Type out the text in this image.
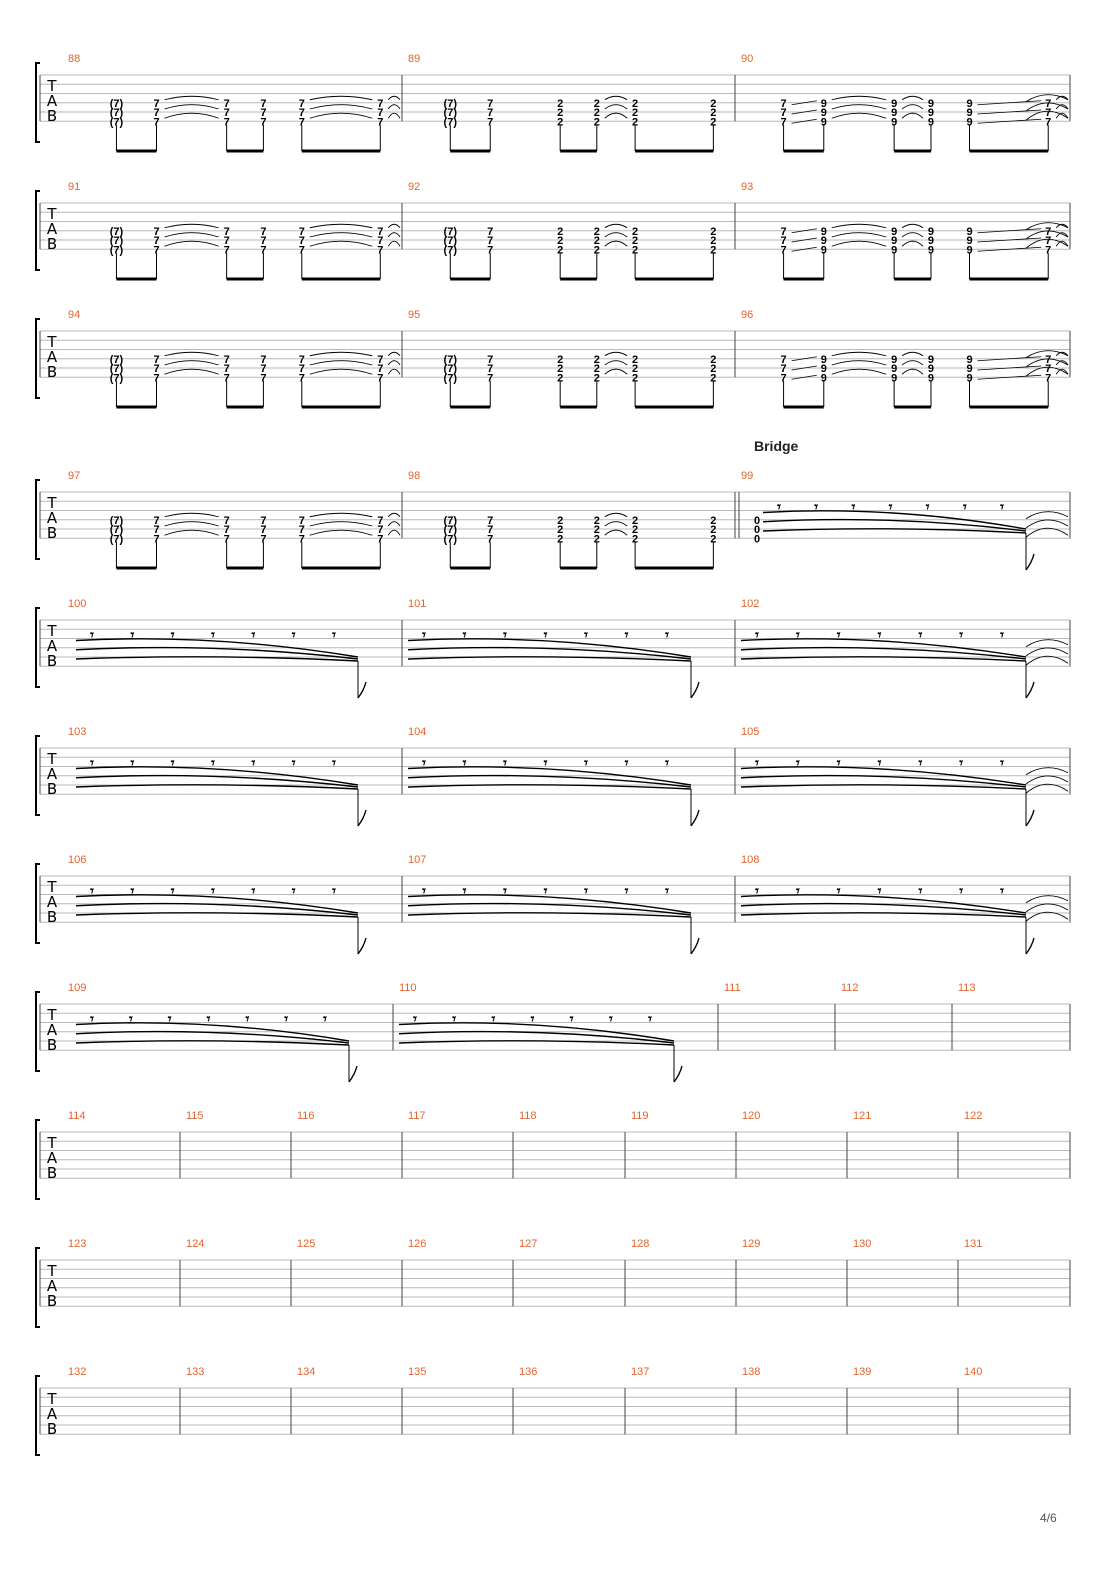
T
A
B
88
(7)
(7)
(7)
7
7
7
7
7
7
7
7
7
7
7
7
7
7
7
89
(7)
(7)
(7)
7
7
7
2
2
2
2
2
2
2
2
2
2
2
2
90
7
7
7
9
9
9
9
9
9
9
9
9
9
9
9
7
7
7
T
A
B
91
(7)
(7)
(7)
7
7
7
7
7
7
7
7
7
7
7
7
7
7
7
92
(7)
(7)
(7)
7
7
7
2
2
2
2
2
2
2
2
2
2
2
2
93
7
7
7
9
9
9
9
9
9
9
9
9
9
9
9
7
7
7
T
A
B
94
(7)
(7)
(7)
7
7
7
7
7
7
7
7
7
7
7
7
7
7
7
95
(7)
(7)
(7)
7
7
7
2
2
2
2
2
2
2
2
2
2
2
2
96
7
7
7
9
9
9
9
9
9
9
9
9
9
9
9
7
7
7
T
A
B
97
(7)
(7)
(7)
7
7
7
7
7
7
7
7
7
7
7
7
7
7
7
98
(7)
(7)
(7)
7
7
7
2
2
2
2
2
2
2
2
2
2
2
2
99
0
0
0
𝄾 𝄾 𝄾 𝄾 𝄾 𝄾 𝄾
T
A
B
100
𝄾	𝄾	𝄾	𝄾	𝄾	𝄾	𝄾
101
𝄾	𝄾	𝄾	𝄾	𝄾	𝄾	𝄾
102
𝄾	𝄾	𝄾	𝄾	𝄾	𝄾	𝄾
T
A
B
103
𝄾	𝄾	𝄾	𝄾	𝄾	𝄾	𝄾
104
𝄾	𝄾	𝄾	𝄾	𝄾	𝄾	𝄾
105
𝄾	𝄾	𝄾	𝄾	𝄾	𝄾	𝄾
T
A
B
106
𝄾	𝄾	𝄾	𝄾	𝄾	𝄾	𝄾
107
𝄾	𝄾	𝄾	𝄾	𝄾	𝄾	𝄾
108
𝄾	𝄾	𝄾	𝄾	𝄾	𝄾	𝄾
T
A
B
109
𝄾	𝄾	𝄾	𝄾	𝄾	𝄾	𝄾
110
𝄾	𝄾	𝄾	𝄾	𝄾	𝄾	𝄾
111	112	113
T
A
B
114	115	116	117	118	119	120	121	122
T
A
B
123	124	125	126	127	128	129	130	131
T
A
B
132	133	134	135	136	137	138	139	140
Bridge
4/6
